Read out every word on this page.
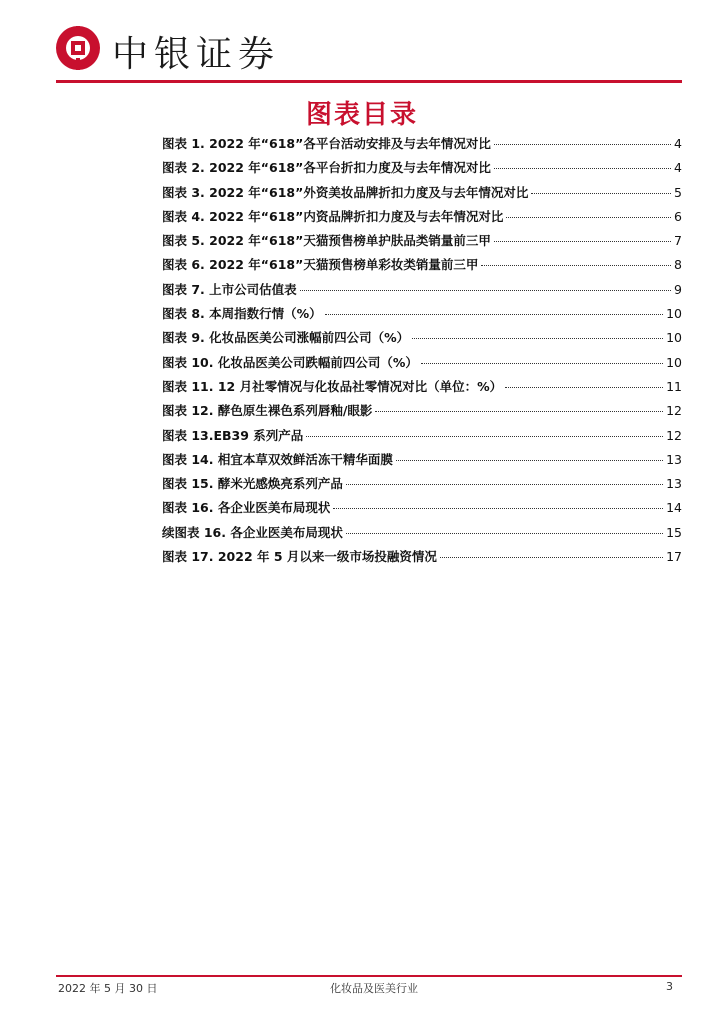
中银证券
图表目录
图表 1. 2022 年“618”各平台活动安排及与去年情况对比	4
图表 2. 2022 年“618”各平台折扣力度及与去年情况对比	4
图表 3. 2022 年“618”外资美妆品牌折扣力度及与去年情况对比	5
图表 4. 2022 年“618”内资品牌折扣力度及与去年情况对比	6
图表 5. 2022 年“618”天猫预售榜单护肤品类销量前三甲	7
图表 6. 2022 年“618”天猫预售榜单彩妆类销量前三甲	8
图表 7. 上市公司估值表	9
图表 8. 本周指数行情（%）	10
图表 9. 化妆品医美公司涨幅前四公司（%）	10
图表 10. 化妆品医美公司跌幅前四公司（%）	10
图表 11. 12 月社零情况与化妆品社零情况对比（单位：%）	11
图表 12. 酵色原生裸色系列唇釉/眼影	12
图表 13.EB39 系列产品	12
图表 14. 相宜本草双效鲜活冻干精华面膜	13
图表 15. 酵米光感焕亮系列产品	13
图表 16. 各企业医美布局现状	14
续图表 16. 各企业医美布局现状	15
图表 17. 2022 年 5 月以来一级市场投融资情况	17
2022 年 5 月 30 日	化妆品及医美行业	3
